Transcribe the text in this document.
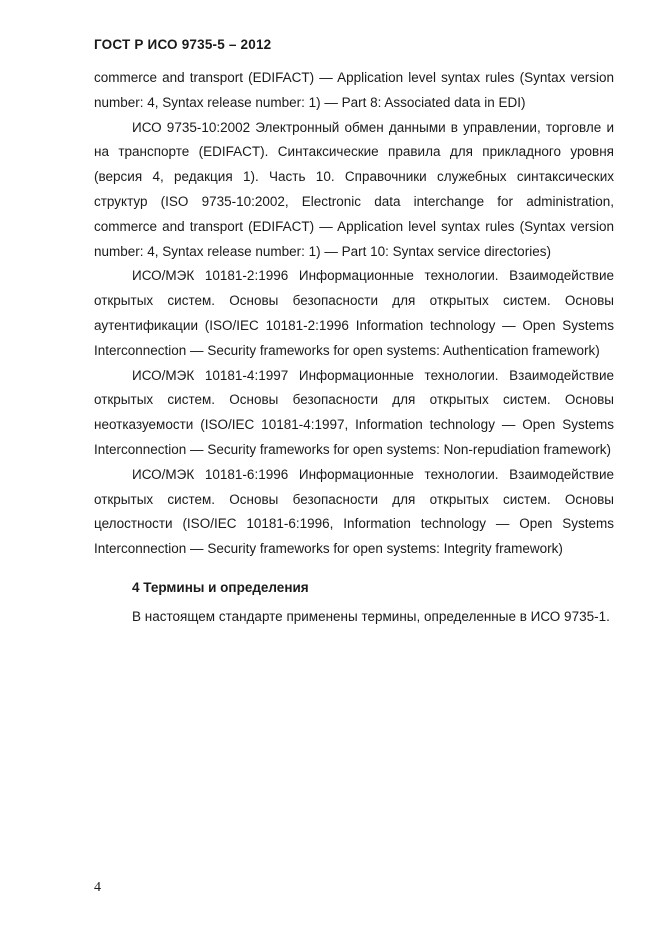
ГОСТ Р ИСО 9735-5 – 2012

commerce and transport (EDIFACT) — Application level syntax rules (Syntax version number: 4, Syntax release number: 1) — Part 8: Associated data in EDI)

ИСО 9735-10:2002 Электронный обмен данными в управлении, торговле и на транспорте (EDIFACT). Синтаксические правила для прикладного уровня (версия 4, редакция 1). Часть 10. Справочники служебных синтаксических структур (ISO 9735-10:2002, Electronic data interchange for administration, commerce and transport (EDIFACT) — Application level syntax rules (Syntax version number: 4, Syntax release number: 1) — Part 10: Syntax service directories)

ИСО/МЭК 10181-2:1996 Информационные технологии. Взаимодействие открытых систем. Основы безопасности для открытых систем. Основы аутентификации (ISO/IEC 10181-2:1996 Information technology — Open Systems Interconnection — Security frameworks for open systems: Authentication framework)

ИСО/МЭК 10181-4:1997 Информационные технологии. Взаимодействие открытых систем. Основы безопасности для открытых систем. Основы неотказуемости (ISO/IEC 10181-4:1997, Information technology — Open Systems Interconnection — Security frameworks for open systems: Non-repudiation framework)

ИСО/МЭК 10181-6:1996 Информационные технологии. Взаимодействие открытых систем. Основы безопасности для открытых систем. Основы целостности (ISO/IEC 10181-6:1996, Information technology — Open Systems Interconnection — Security frameworks for open systems: Integrity framework)

4 Термины и определения

В настоящем стандарте применены термины, определенные в ИСО 9735-1.

4
